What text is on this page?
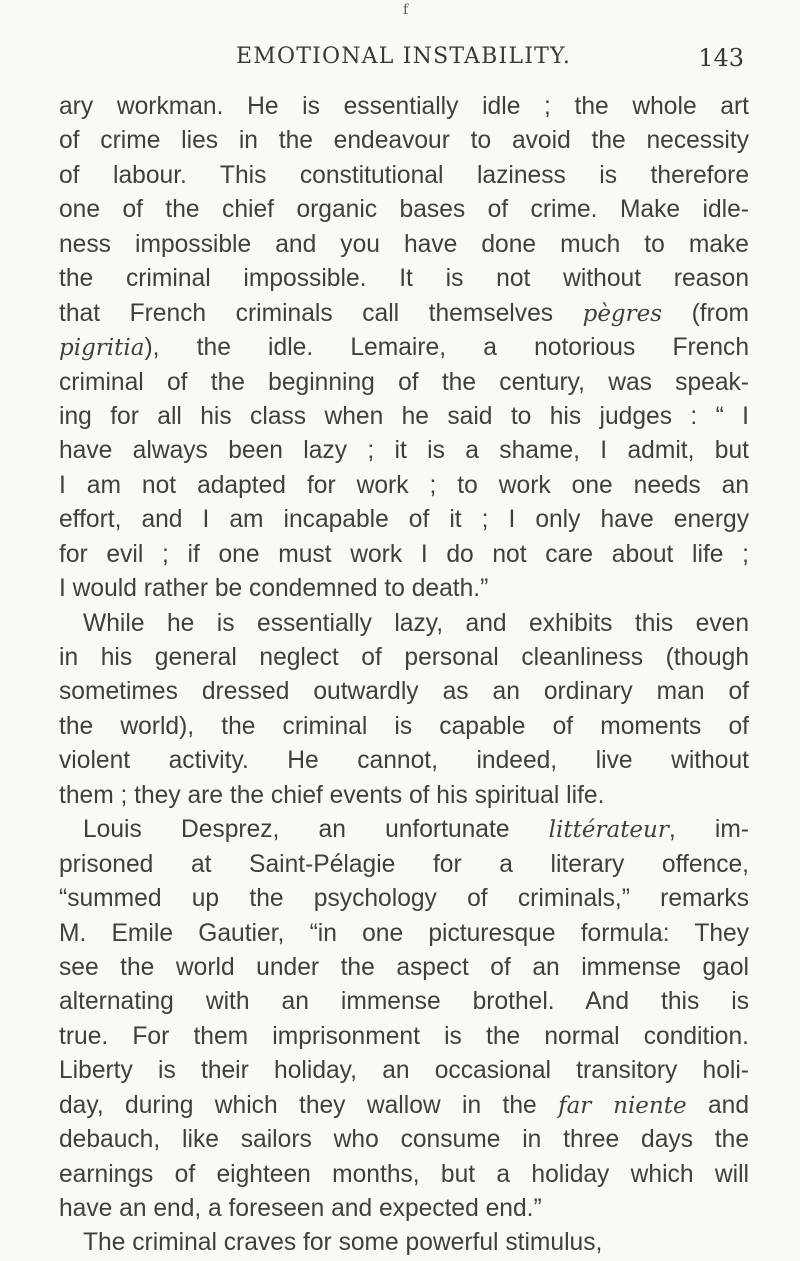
f
EMOTIONAL INSTABILITY.	143
ary workman. He is essentially idle ; the whole art
of crime lies in the endeavour to avoid the necessity
of labour. This constitutional laziness is therefore
one of the chief organic bases of crime. Make idle-
ness impossible and you have done much to make
the criminal impossible. It is not without reason
that French criminals call themselves pègres (from
pigritia), the idle. Lemaire, a notorious French
criminal of the beginning of the century, was speak-
ing for all his class when he said to his judges : “ I
have always been lazy ; it is a shame, I admit, but
I am not adapted for work ; to work one needs an
effort, and I am incapable of it ; I only have energy
for evil ; if one must work I do not care about life ;
I would rather be condemned to death.”
While he is essentially lazy, and exhibits this even
in his general neglect of personal cleanliness (though
sometimes dressed outwardly as an ordinary man of
the world), the criminal is capable of moments of
violent activity. He cannot, indeed, live without
them ; they are the chief events of his spiritual life.
Louis Desprez, an unfortunate littérateur, im-
prisoned at Saint-Pélagie for a literary offence,
“summed up the psychology of criminals,” remarks
M. Emile Gautier, “in one picturesque formula: They
see the world under the aspect of an immense gaol
alternating with an immense brothel. And this is
true. For them imprisonment is the normal condition.
Liberty is their holiday, an occasional transitory holi-
day, during which they wallow in the far niente and
debauch, like sailors who consume in three days the
earnings of eighteen months, but a holiday which will
have an end, a foreseen and expected end.”
The criminal craves for some powerful stimulus,
